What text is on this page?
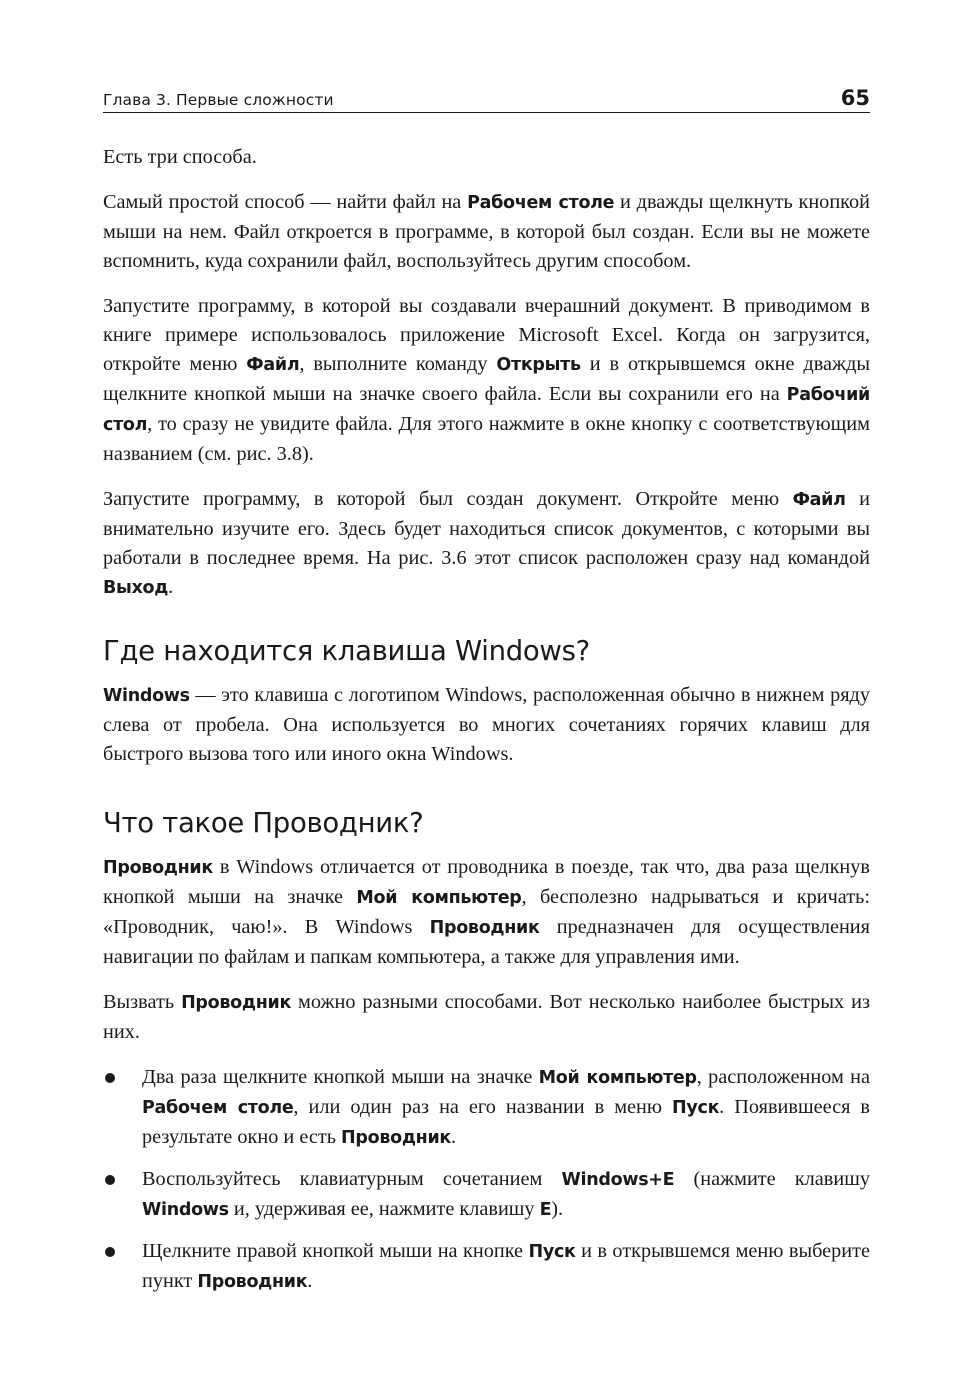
Глава 3. Первые сложности	65

Есть три способа.

Самый простой способ — найти файл на Рабочем столе и дважды щелкнуть кнопкой мыши на нем. Файл откроется в программе, в которой был создан. Если вы не можете вспомнить, куда сохранили файл, воспользуйтесь другим способом.

Запустите программу, в которой вы создавали вчерашний документ. В приводимом в книге примере использовалось приложение Microsoft Excel. Когда он загрузится, откройте меню Файл, выполните команду Открыть и в открывшемся окне дважды щелкните кнопкой мыши на значке своего файла. Если вы сохранили его на Рабочий стол, то сразу не увидите файла. Для этого нажмите в окне кнопку с соответствующим названием (см. рис. 3.8).

Запустите программу, в которой был создан документ. Откройте меню Файл и внимательно изучите его. Здесь будет находиться список документов, с которыми вы работали в последнее время. На рис. 3.6 этот список расположен сразу над командой Выход.

Где находится клавиша Windows?

Windows — это клавиша с логотипом Windows, расположенная обычно в нижнем ряду слева от пробела. Она используется во многих сочетаниях горячих клавиш для быстрого вызова того или иного окна Windows.

Что такое Проводник?

Проводник в Windows отличается от проводника в поезде, так что, два раза щелкнув кнопкой мыши на значке Мой компьютер, бесполезно надрываться и кричать: «Проводник, чаю!». В Windows Проводник предназначен для осуществления навигации по файлам и папкам компьютера, а также для управления ими.

Вызвать Проводник можно разными способами. Вот несколько наиболее быстрых из них.

Два раза щелкните кнопкой мыши на значке Мой компьютер, расположенном на Рабочем столе, или один раз на его названии в меню Пуск. Появившееся в результате окно и есть Проводник.
Воспользуйтесь клавиатурным сочетанием Windows+E (нажмите клавишу Windows и, удерживая ее, нажмите клавишу E).
Щелкните правой кнопкой мыши на кнопке Пуск и в открывшемся меню выберите пункт Проводник.
